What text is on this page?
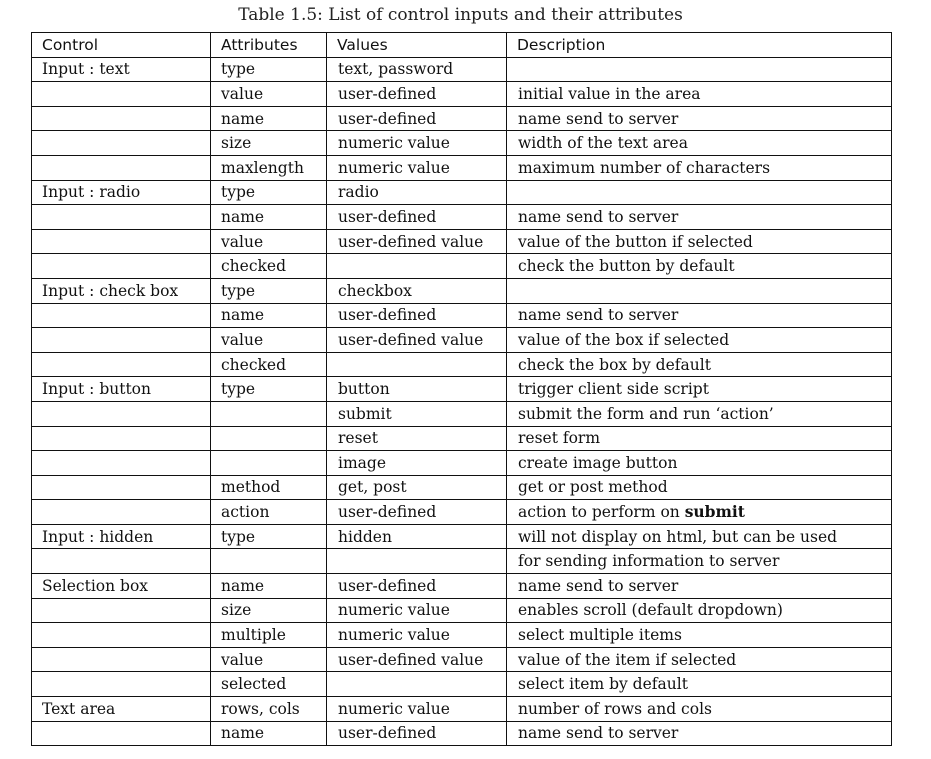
Table 1.5: List of control inputs and their attributes
Control	Attributes	Values	Description
Input : text	type	text, password	
	value	user-defined	initial value in the area
	name	user-defined	name send to server
	size	numeric value	width of the text area
	maxlength	numeric value	maximum number of characters
Input : radio	type	radio	
	name	user-defined	name send to server
	value	user-defined value	value of the button if selected
	checked		check the button by default
Input : check box	type	checkbox	
	name	user-defined	name send to server
	value	user-defined value	value of the box if selected
	checked		check the box by default
Input : button	type	button	trigger client side script
		submit	submit the form and run ‘action’
		reset	reset form
		image	create image button
	method	get, post	get or post method
	action	user-defined	action to perform on submit
Input : hidden	type	hidden	will not display on html, but can be used
			for sending information to server
Selection box	name	user-defined	name send to server
	size	numeric value	enables scroll (default dropdown)
	multiple	numeric value	select multiple items
	value	user-defined value	value of the item if selected
	selected		select item by default
Text area	rows, cols	numeric value	number of rows and cols
	name	user-defined	name send to server
